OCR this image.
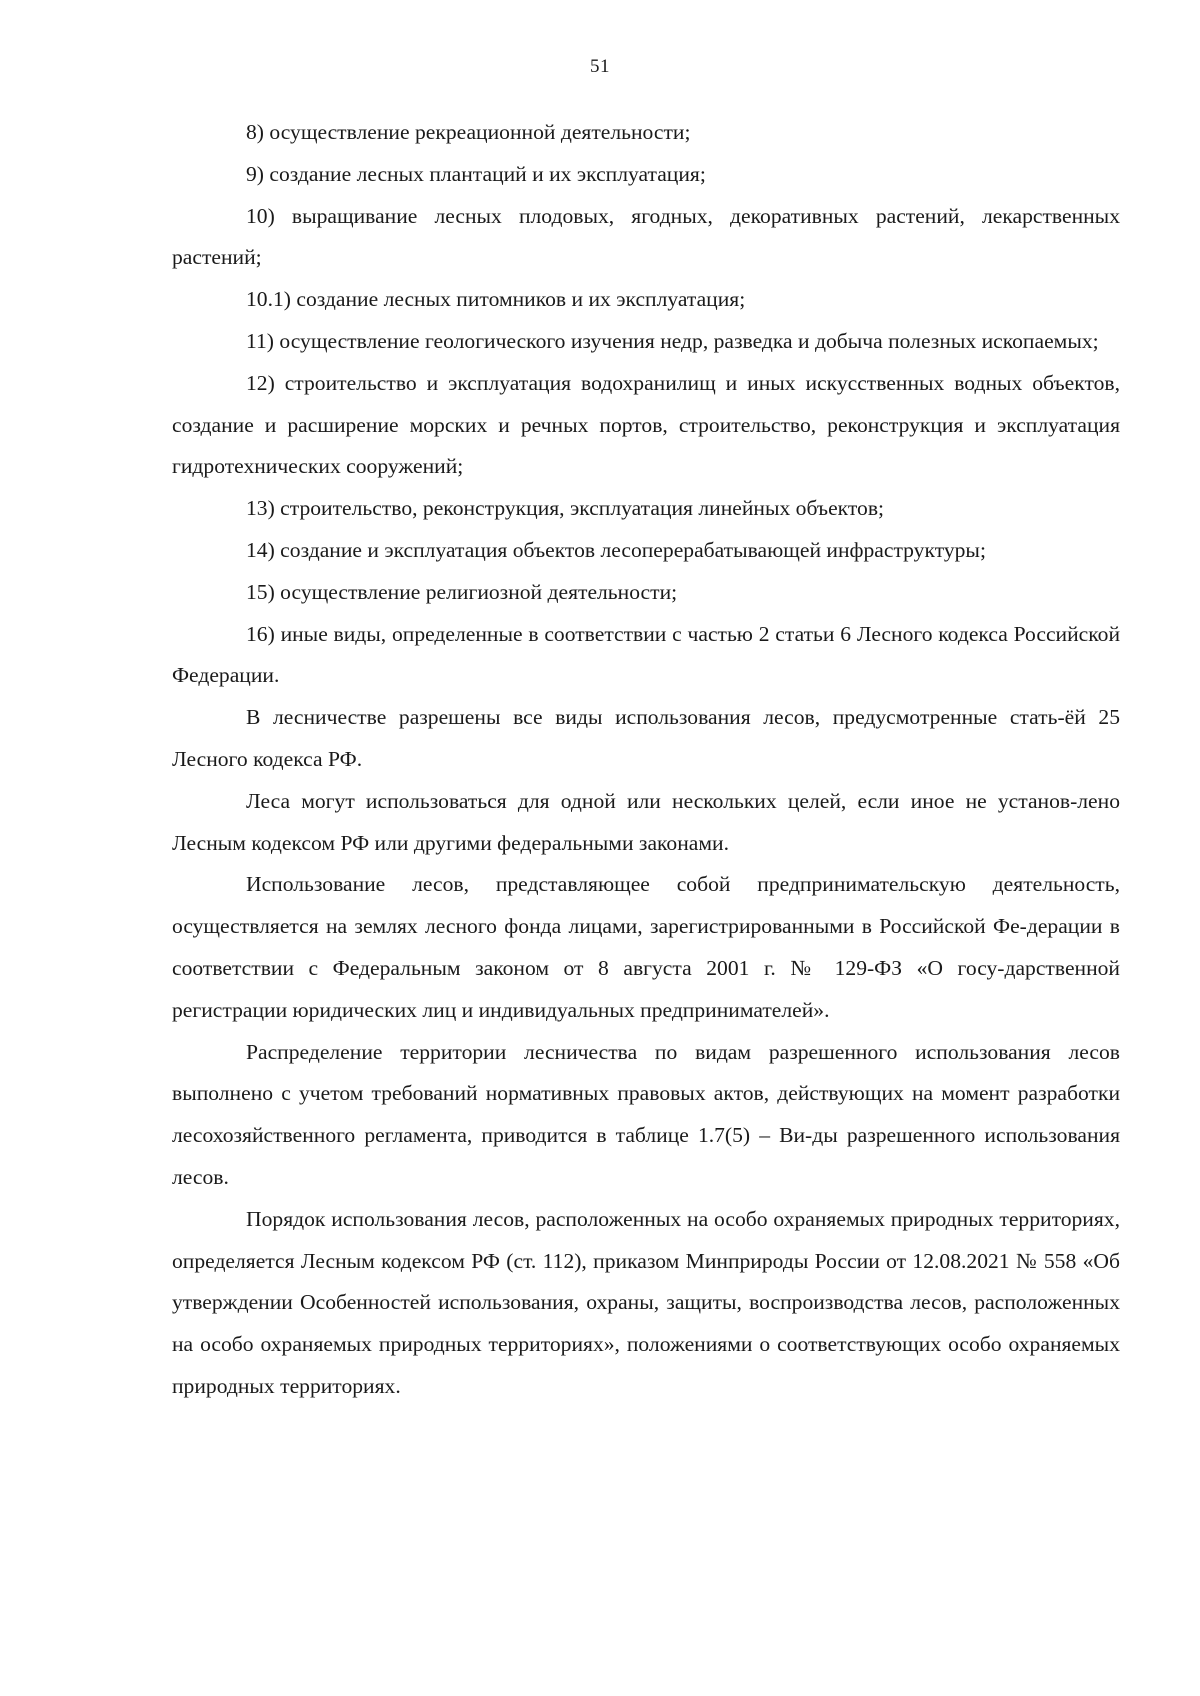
51

8) осуществление рекреационной деятельности;

9) создание лесных плантаций и их эксплуатация;

10) выращивание лесных плодовых, ягодных, декоративных растений, лекарственных растений;

10.1) создание лесных питомников и их эксплуатация;

11) осуществление геологического изучения недр, разведка и добыча полезных ископаемых;

12) строительство и эксплуатация водохранилищ и иных искусственных водных объектов, создание и расширение морских и речных портов, строительство, реконструкция и эксплуатация гидротехнических сооружений;

13) строительство, реконструкция, эксплуатация линейных объектов;

14) создание и эксплуатация объектов лесоперерабатывающей инфраструктуры;

15) осуществление религиозной деятельности;

16) иные виды, определенные в соответствии с частью 2 статьи 6 Лесного кодекса Российской Федерации.

В лесничестве разрешены все виды использования лесов, предусмотренные стать-ёй 25 Лесного кодекса РФ.

Леса могут использоваться для одной или нескольких целей, если иное не установ-лено Лесным кодексом РФ или другими федеральными законами.

Использование лесов, представляющее собой предпринимательскую деятельность, осуществляется на землях лесного фонда лицами, зарегистрированными в Российской Фе-дерации в соответствии с Федеральным законом от 8 августа 2001 г. № 129-ФЗ «О госу-дарственной регистрации юридических лиц и индивидуальных предпринимателей».

Распределение территории лесничества по видам разрешенного использования лесов выполнено с учетом требований нормативных правовых актов, действующих на момент разработки лесохозяйственного регламента, приводится в таблице 1.7(5) – Ви-ды разрешенного использования лесов.

Порядок использования лесов, расположенных на особо охраняемых природных территориях, определяется Лесным кодексом РФ (ст. 112), приказом Минприроды России от 12.08.2021 № 558 «Об утверждении Особенностей использования, охраны, защиты, воспроизводства лесов, расположенных на особо охраняемых природных территориях», положениями о соответствующих особо охраняемых природных территориях.
